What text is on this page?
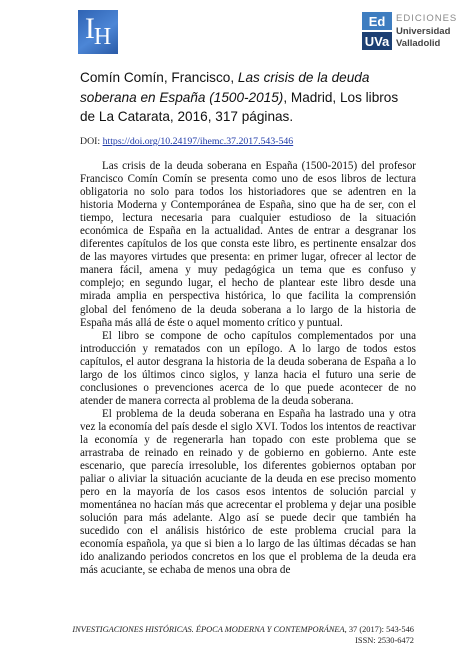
I H
Ed
UVa
EDICIONES
Universidad
Valladolid
Comín Comín, Francisco, Las crisis de la deuda soberana en España (1500-2015), Madrid, Los libros de La Catarata, 2016, 317 páginas.
DOI: https://doi.org/10.24197/ihemc.37.2017.543-546

Las crisis de la deuda soberana en España (1500-2015) del profesor Francisco Comín Comín se presenta como uno de esos libros de lectura obligatoria no solo para todos los historiadores que se adentren en la historia Moderna y Contemporánea de España, sino que ha de ser, con el tiempo, lectura necesaria para cualquier estudioso de la situación económica de España en la actualidad. Antes de entrar a desgranar los diferentes capítulos de los que consta este libro, es pertinente ensalzar dos de las mayores virtudes que presenta: en primer lugar, ofrecer al lector de manera fácil, amena y muy pedagógica un tema que es confuso y complejo; en segundo lugar, el hecho de plantear este libro desde una mirada amplia en perspectiva histórica, lo que facilita la comprensión global del fenómeno de la deuda soberana a lo largo de la historia de España más allá de éste o aquel momento crítico y puntual.

El libro se compone de ocho capítulos complementados por una introducción y rematados con un epílogo. A lo largo de todos estos capítulos, el autor desgrana la historia de la deuda soberana de España a lo largo de los últimos cinco siglos, y lanza hacia el futuro una serie de conclusiones o prevenciones acerca de lo que puede acontecer de no atender de manera correcta al problema de la deuda soberana.

El problema de la deuda soberana en España ha lastrado una y otra vez la economía del país desde el siglo XVI. Todos los intentos de reactivar la economía y de regenerarla han topado con este problema que se arrastraba de reinado en reinado y de gobierno en gobierno. Ante este escenario, que parecía irresoluble, los diferentes gobiernos optaban por paliar o aliviar la situación acuciante de la deuda en ese preciso momento pero en la mayoría de los casos esos intentos de solución parcial y momentánea no hacían más que acrecentar el problema y dejar una posible solución para más adelante. Algo así se puede decir que también ha sucedido con el análisis histórico de este problema crucial para la economía española, ya que si bien a lo largo de las últimas décadas se han ido analizando periodos concretos en los que el problema de la deuda era más acuciante, se echaba de menos una obra de

INVESTIGACIONES HISTÓRICAS. ÉPOCA MODERNA Y CONTEMPORÁNEA, 37 (2017): 543-546
ISSN: 2530-6472
